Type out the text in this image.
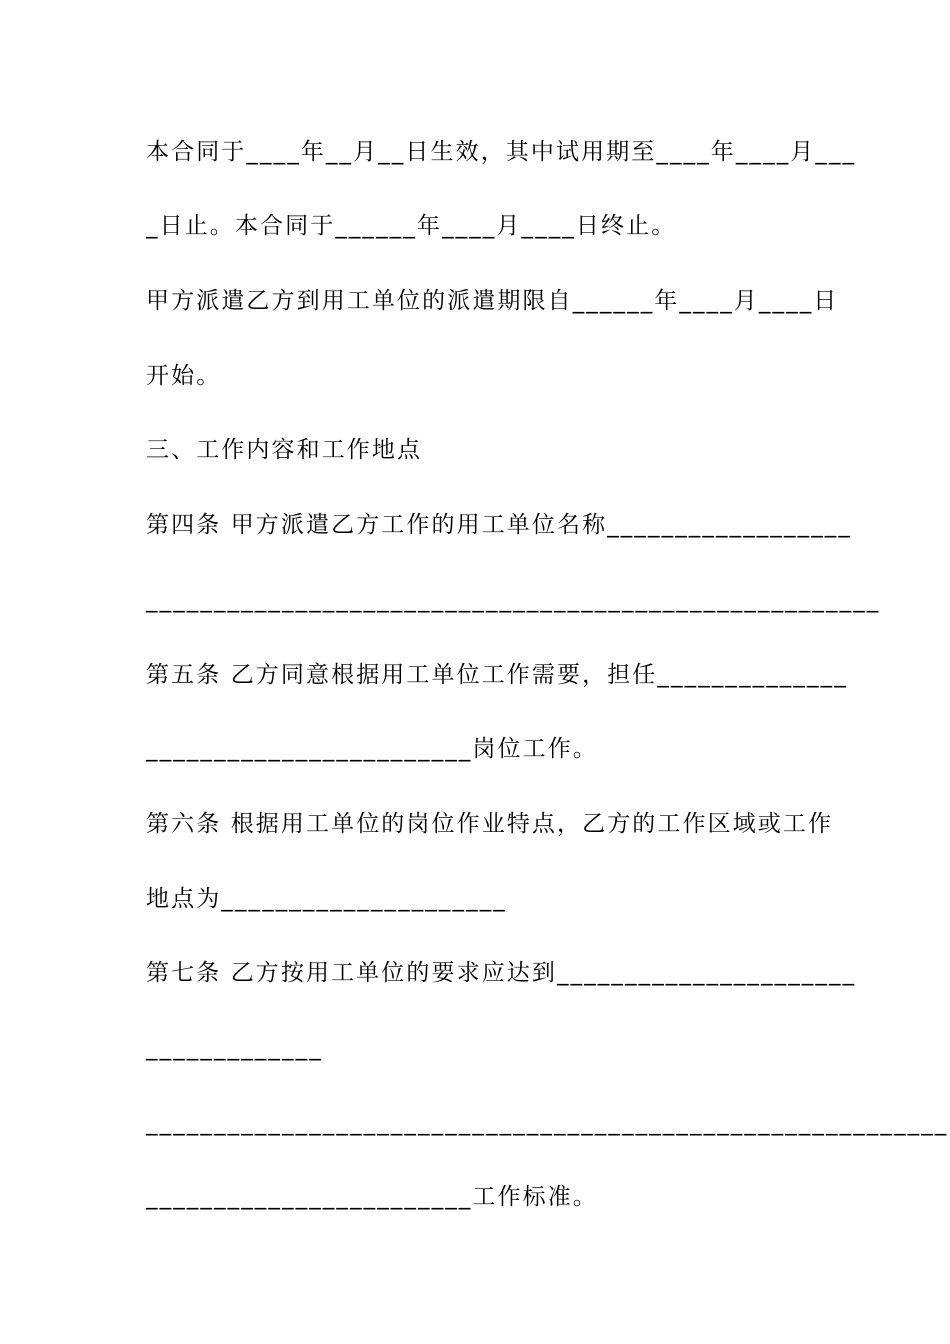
本合同于____年__月__日生效，其中试用期至____年____月___
_日止。本合同于______年____月____日终止。
甲方派遣乙方到用工单位的派遣期限自______年____月____日
开始。
三、工作内容和工作地点
第四条 甲方派遣乙方工作的用工单位名称__________________
______________________________________________________
第五条 乙方同意根据用工单位工作需要，担任______________
________________________岗位工作。
第六条 根据用工单位的岗位作业特点，乙方的工作区域或工作
地点为_____________________
第七条 乙方按用工单位的要求应达到______________________
_____________
___________________________________________________________
________________________工作标准。
